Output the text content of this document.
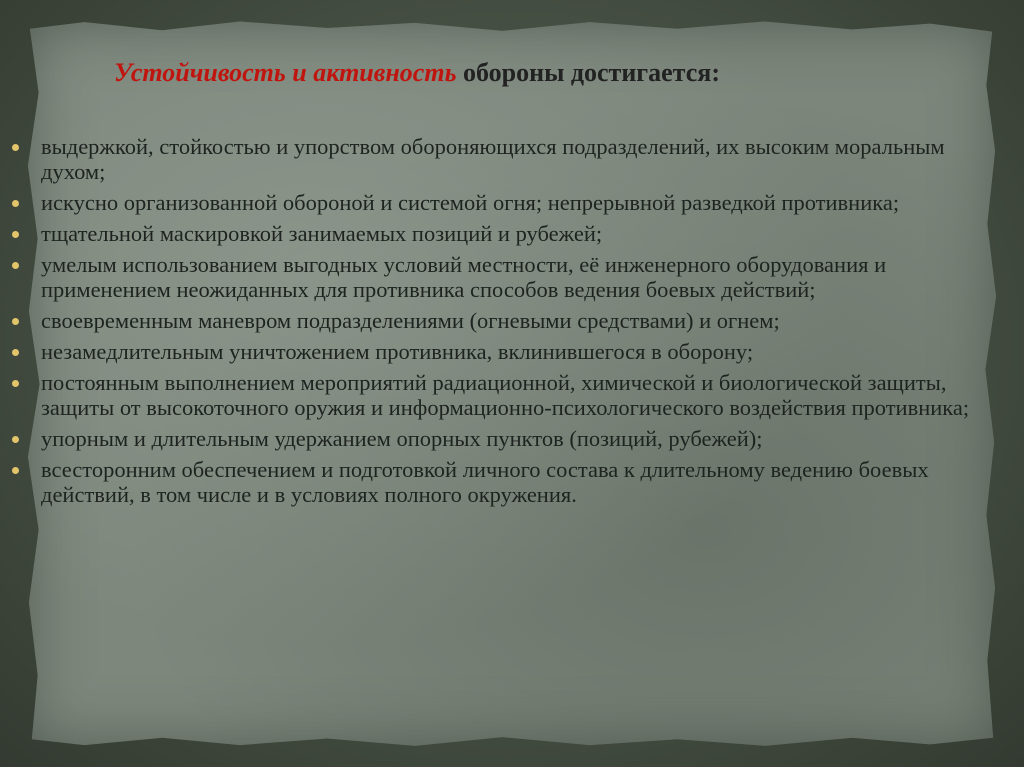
Устойчивость и активность обороны достигается:
выдержкой, стойкостью и упорством обороняющихся подразделений, их высоким моральным духом;
искусно организованной обороной и системой огня; непрерывной разведкой противника;
тщательной маскировкой занимаемых позиций и рубежей;
умелым использованием выгодных условий местности, её инженерного оборудования и применением неожиданных для противника способов ведения боевых действий;
своевременным маневром подразделениями (огневыми средствами) и огнем;
незамедлительным уничтожением противника, вклинившегося в оборону;
постоянным выполнением мероприятий радиационной, химической и биологической защиты, защиты от высокоточного оружия и информационно-психологического воздействия противника;
упорным и длительным удержанием опорных пунктов (позиций, рубежей);
всесторонним обеспечением и подготовкой личного состава к длительному ведению боевых действий, в том числе и в условиях полного окружения.
